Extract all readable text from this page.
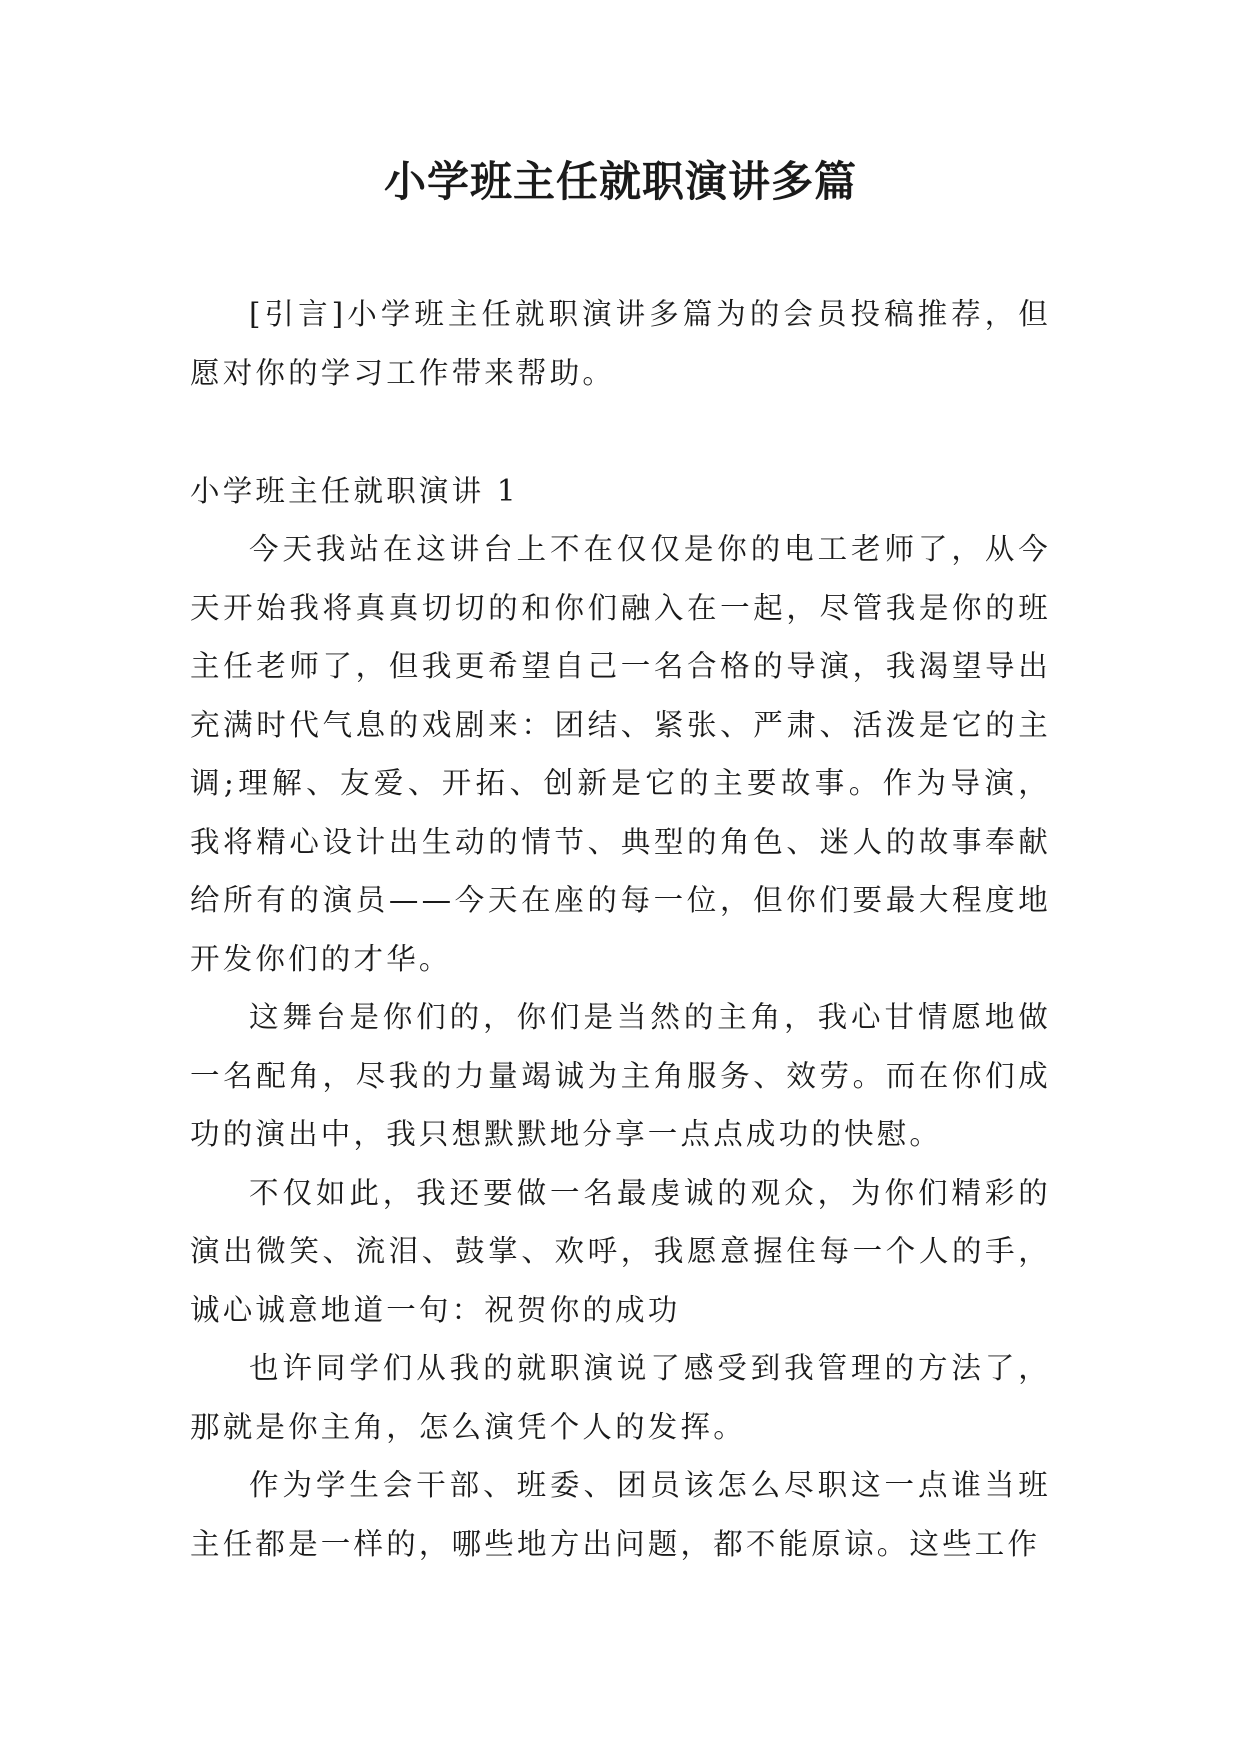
小学班主任就职演讲多篇

[引言]小学班主任就职演讲多篇为的会员投稿推荐，但愿对你的学习工作带来帮助。

小学班主任就职演讲 1

今天我站在这讲台上不在仅仅是你的电工老师了，从今天开始我将真真切切的和你们融入在一起，尽管我是你的班主任老师了，但我更希望自己一名合格的导演，我渴望导出充满时代气息的戏剧来：团结、紧张、严肃、活泼是它的主调;理解、友爱、开拓、创新是它的主要故事。作为导演，我将精心设计出生动的情节、典型的角色、迷人的故事奉献给所有的演员——今天在座的每一位，但你们要最大程度地开发你们的才华。

这舞台是你们的，你们是当然的主角，我心甘情愿地做一名配角，尽我的力量竭诚为主角服务、效劳。而在你们成功的演出中，我只想默默地分享一点点成功的快慰。

不仅如此，我还要做一名最虔诚的观众，为你们精彩的演出微笑、流泪、鼓掌、欢呼，我愿意握住每一个人的手，诚心诚意地道一句：祝贺你的成功

也许同学们从我的就职演说了感受到我管理的方法了，那就是你主角，怎么演凭个人的发挥。

作为学生会干部、班委、团员该怎么尽职这一点谁当班主任都是一样的，哪些地方出问题，都不能原谅。这些工作
